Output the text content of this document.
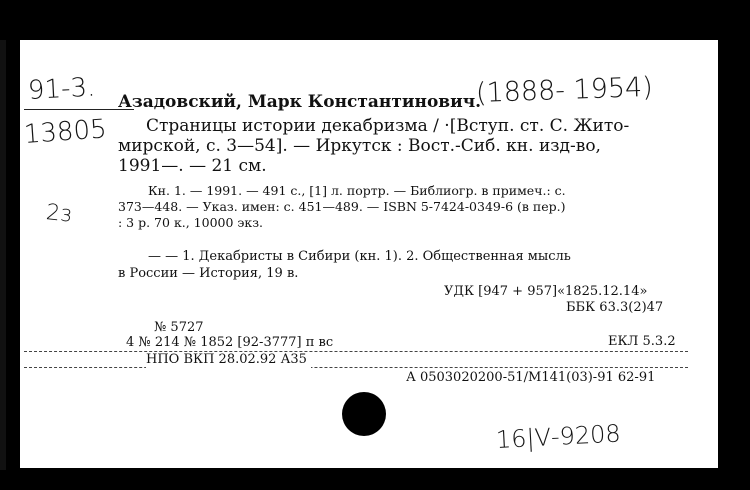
91-3.
13805
(1888- 1954)
2з
16|Ⅴ-9208
Азадовский, Марк Константинович.
Страницы истории декабризма / ·[Вступ. ст. С. Жито-
мирской, с. 3—54]. — Иркутск : Вост.-Сиб. кн. изд-во,
1991—. — 21 см.
Кн. 1. — 1991. — 491 с., [1] л. портр. — Библиогр. в примеч.: с.
373—448. — Указ. имен: с. 451—489. — ISBN 5-7424-0349-6 (в пер.)
: 3 р. 70 к., 10000 экз.
— — 1. Декабристы в Сибири (кн. 1). 2. Общественная мысль
в России — История, 19 в.
УДК [947 + 957]«1825.12.14»
ББК 63.3(2)47
№ 5727
4 № 214 № 1852 [92-3777] п вс	ЕКЛ 5.3.2
НПО ВКП 28.02.92 А35
А 0503020200-51/М141(03)-91 62-91
